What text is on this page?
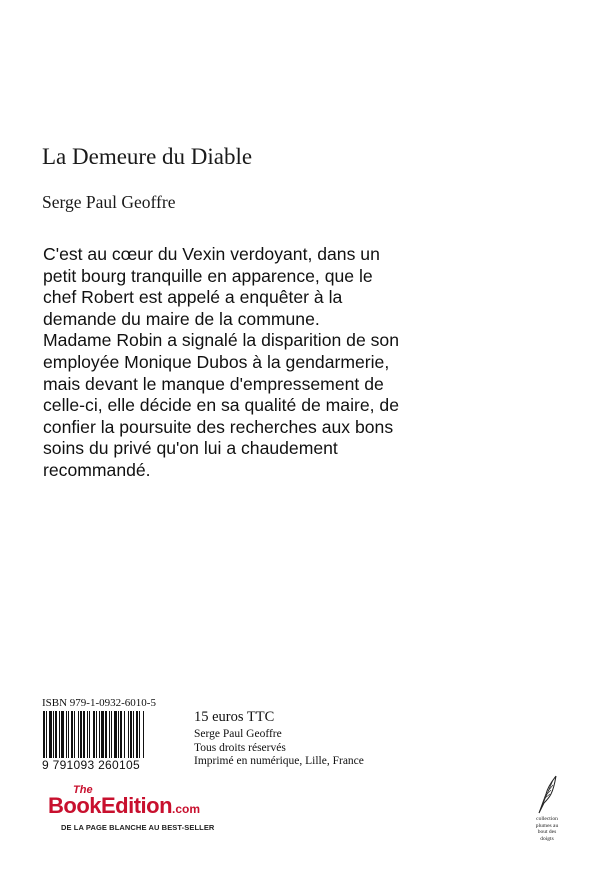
La Demeure du Diable
Serge Paul Geoffre
C'est au cœur du Vexin verdoyant, dans un
petit bourg tranquille en apparence, que le
chef Robert est appelé a enquêter à la
demande du maire de la commune.
Madame Robin a signalé la disparition de son
employée Monique Dubos à la gendarmerie,
mais devant le manque d'empressement de
celle-ci, elle décide en sa qualité de maire, de
confier la poursuite des recherches aux bons
soins du privé qu'on lui a chaudement
recommandé.
ISBN 979-1-0932-6010-5
9 791093 260105
15 euros TTC
Serge Paul Geoffre
Tous droits réservés
Imprimé en numérique, Lille, France
collection
plumes au
bout des
doigts
The
BookEdition.com
DE LA PAGE BLANCHE AU BEST-SELLER
